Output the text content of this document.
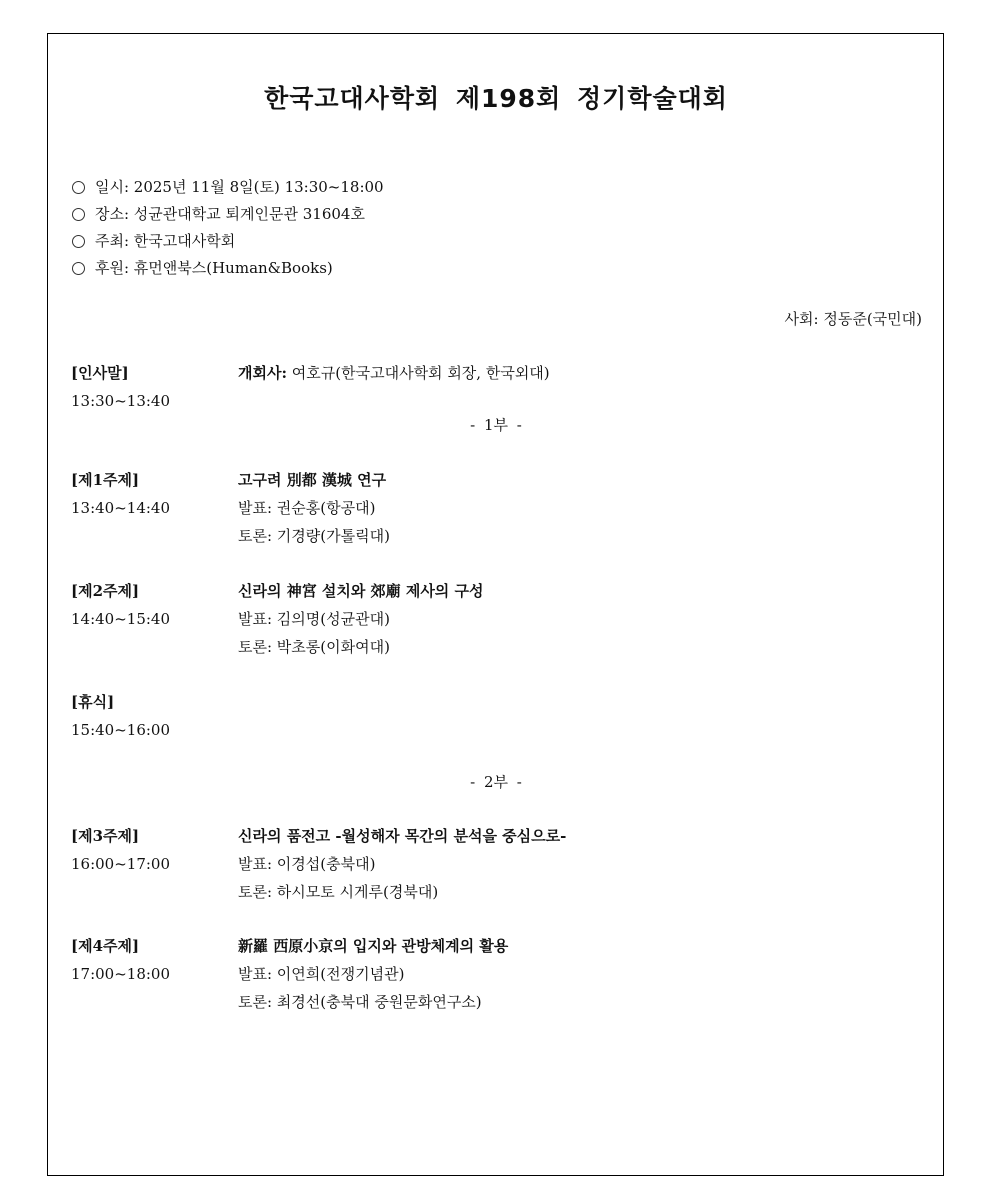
한국고대사학회 제198회 정기학술대회
일시: 2025년 11월 8일(토) 13:30~18:00
장소: 성균관대학교 퇴계인문관 31604호
주최: 한국고대사학회
후원: 휴먼앤북스(Human&Books)
사회: 정동준(국민대)
[인사말]
13:30~13:40
개회사: 여호규(한국고대사학회 회장, 한국외대)
- 1부 -
[제1주제]
13:40~14:40
고구려 別都 漢城 연구
발표: 권순홍(항공대)
토론: 기경량(가톨릭대)
[제2주제]
14:40~15:40
신라의 神宮 설치와 郊廟 제사의 구성
발표: 김의명(성균관대)
토론: 박초롱(이화여대)
[휴식]
15:40~16:00
- 2부 -
[제3주제]
16:00~17:00
신라의 품전고 -월성해자 목간의 분석을 중심으로-
발표: 이경섭(충북대)
토론: 하시모토 시게루(경북대)
[제4주제]
17:00~18:00
新羅 西原小京의 입지와 관방체계의 활용
발표: 이연희(전쟁기념관)
토론: 최경선(충북대 중원문화연구소)
